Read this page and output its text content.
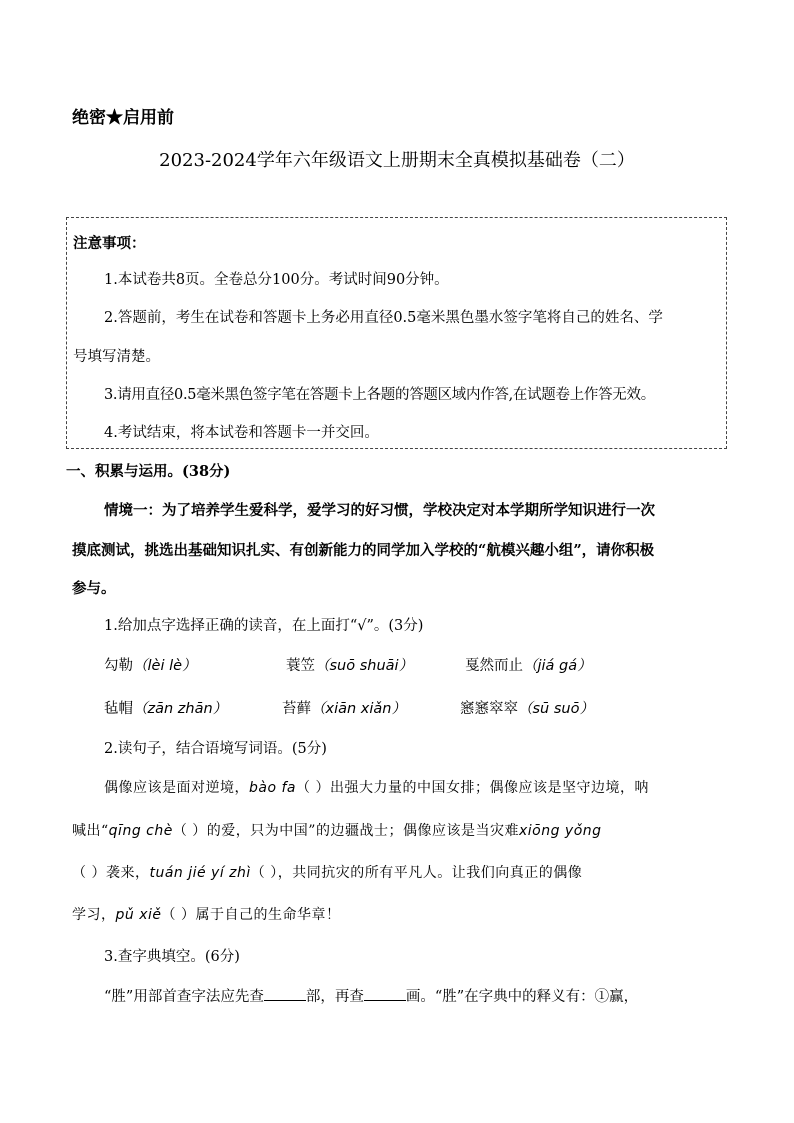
绝密★启用前
2023-2024学年六年级语文上册期末全真模拟基础卷（二）
注意事项：
1.本试卷共8页。全卷总分100分。考试时间90分钟。
2.答题前，考生在试卷和答题卡上务必用直径0.5毫米黑色墨水签字笔将自己的姓名、学
号填写清楚。
3.请用直径0.5毫米黑色签字笔在答题卡上各题的答题区域内作答,在试题卷上作答无效。
4.考试结束，将本试卷和答题卡一并交回。
一、积累与运用。(38分)
情境一：为了培养学生爱科学，爱学习的好习惯，学校决定对本学期所学知识进行一次
摸底测试，挑选出基础知识扎实、有创新能力的同学加入学校的“航模兴趣小组”，请你积极
参与。
1.给加点字选择正确的读音，在上面打“√”。(3分)
勾勒（lèi lè）	蓑笠（suō shuāi）	戛然而止（jiá gá）
毡帽（zān zhān）	苔藓（xiān xiǎn）	窸窸窣窣（sū suō）
2.读句子，结合语境写词语。(5分)
偶像应该是面对逆境，bào fa（ ）出强大力量的中国女排；偶像应该是坚守边境，呐
喊出“qīng chè（ ）的爱，只为中国”的边疆战士；偶像应该是当灾难xiōng yǒng
（ ）袭来，tuán jié yí zhì（ ），共同抗灾的所有平凡人。让我们向真正的偶像
学习，pǔ xiě（ ）属于自己的生命华章！
3.查字典填空。(6分)
“胜”用部首查字法应先查	部，再查	画。“胜”在字典中的释义有：①赢，
